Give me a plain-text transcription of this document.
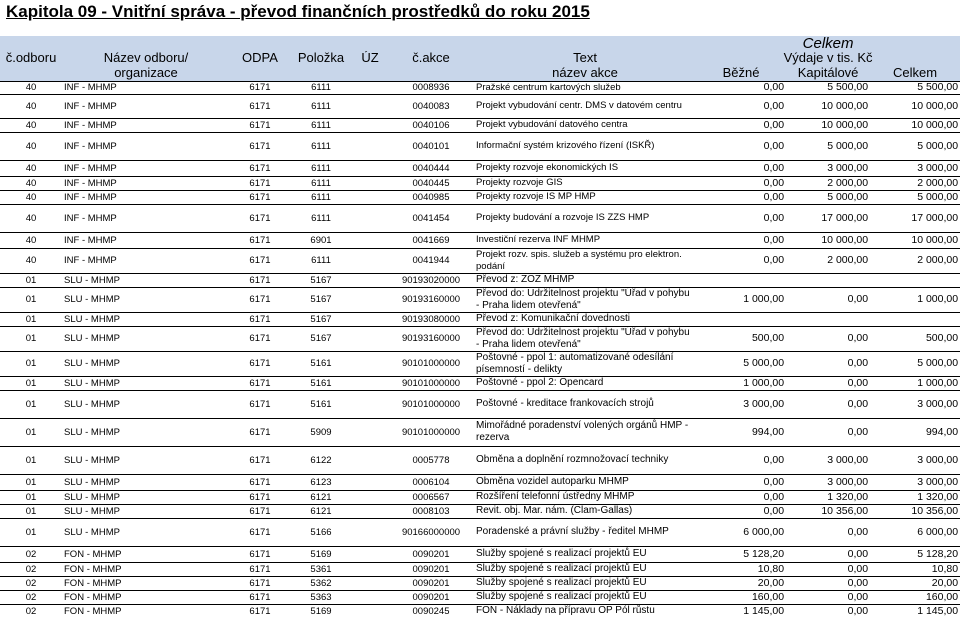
Kapitola 09 - Vnitřní správa - převod finančních prostředků do roku 2015
							Celkem		
č.odboru	Název odboru/	ODPA	Položka	ÚZ	č.akce	Text	Výdaje v tis. Kč		
	organizace					název akce	Běžné	Kapitálové	Celkem
40	INF - MHMP	6171	6111		0008936	Pražské centrum kartových služeb	0,00	5 500,00	5 500,00
40	INF - MHMP	6171	6111		0040083	Projekt vybudování centr. DMS v datovém centru	0,00	10 000,00	10 000,00
40	INF - MHMP	6171	6111		0040106	Projekt vybudování datového centra	0,00	10 000,00	10 000,00
40	INF - MHMP	6171	6111		0040101	Informační systém krizového řízení (ISKŘ)	0,00	5 000,00	5 000,00
40	INF - MHMP	6171	6111		0040444	Projekty rozvoje ekonomických IS	0,00	3 000,00	3 000,00
40	INF - MHMP	6171	6111		0040445	Projekty rozvoje GIS	0,00	2 000,00	2 000,00
40	INF - MHMP	6171	6111		0040985	Projekty rozvoje IS MP HMP	0,00	5 000,00	5 000,00
40	INF - MHMP	6171	6111		0041454	Projekty budování a rozvoje IS ZZS HMP	0,00	17 000,00	17 000,00
40	INF - MHMP	6171	6901		0041669	Investiční rezerva INF MHMP	0,00	10 000,00	10 000,00
40	INF - MHMP	6171	6111		0041944	Projekt rozv. spis. služeb a systému pro elektron. podání	0,00	2 000,00	2 000,00
01	SLU - MHMP	6171	5167		90193020000	Převod z: ZOZ MHMP			
01	SLU - MHMP	6171	5167		90193160000	Převod do: Udržitelnost projektu "Úřad v pohybu - Praha lidem otevřená"	1 000,00	0,00	1 000,00
01	SLU - MHMP	6171	5167		90193080000	Převod z: Komunikační dovednosti			
01	SLU - MHMP	6171	5167		90193160000	Převod do: Udržitelnost projektu "Úřad v pohybu - Praha lidem otevřená"	500,00	0,00	500,00
01	SLU - MHMP	6171	5161		90101000000	Poštovné - ppol 1: automatizované odesílání písemností - delikty	5 000,00	0,00	5 000,00
01	SLU - MHMP	6171	5161		90101000000	Poštovné - ppol 2: Opencard	1 000,00	0,00	1 000,00
01	SLU - MHMP	6171	5161		90101000000	Poštovné - kreditace frankovacích strojů	3 000,00	0,00	3 000,00
01	SLU - MHMP	6171	5909		90101000000	Mimořádné poradenství volených orgánů HMP - rezerva	994,00	0,00	994,00
01	SLU - MHMP	6171	6122		0005778	Obměna a doplnění rozmnožovací techniky	0,00	3 000,00	3 000,00
01	SLU - MHMP	6171	6123		0006104	Obměna vozidel autoparku MHMP	0,00	3 000,00	3 000,00
01	SLU - MHMP	6171	6121		0006567	Rozšíření telefonní ústředny MHMP	0,00	1 320,00	1 320,00
01	SLU - MHMP	6171	6121		0008103	Revit. obj. Mar. nám. (Clam-Gallas)	0,00	10 356,00	10 356,00
01	SLU - MHMP	6171	5166		90166000000	Poradenské a právní služby - ředitel MHMP	6 000,00	0,00	6 000,00
02	FON - MHMP	6171	5169		0090201	Služby spojené s realizací projektů EU	5 128,20	0,00	5 128,20
02	FON - MHMP	6171	5361		0090201	Služby spojené s realizací projektů EU	10,80	0,00	10,80
02	FON - MHMP	6171	5362		0090201	Služby spojené s realizací projektů EU	20,00	0,00	20,00
02	FON - MHMP	6171	5363		0090201	Služby spojené s realizací projektů EU	160,00	0,00	160,00
02	FON - MHMP	6171	5169		0090245	FON - Náklady na přípravu OP Pól růstu	1 145,00	0,00	1 145,00
